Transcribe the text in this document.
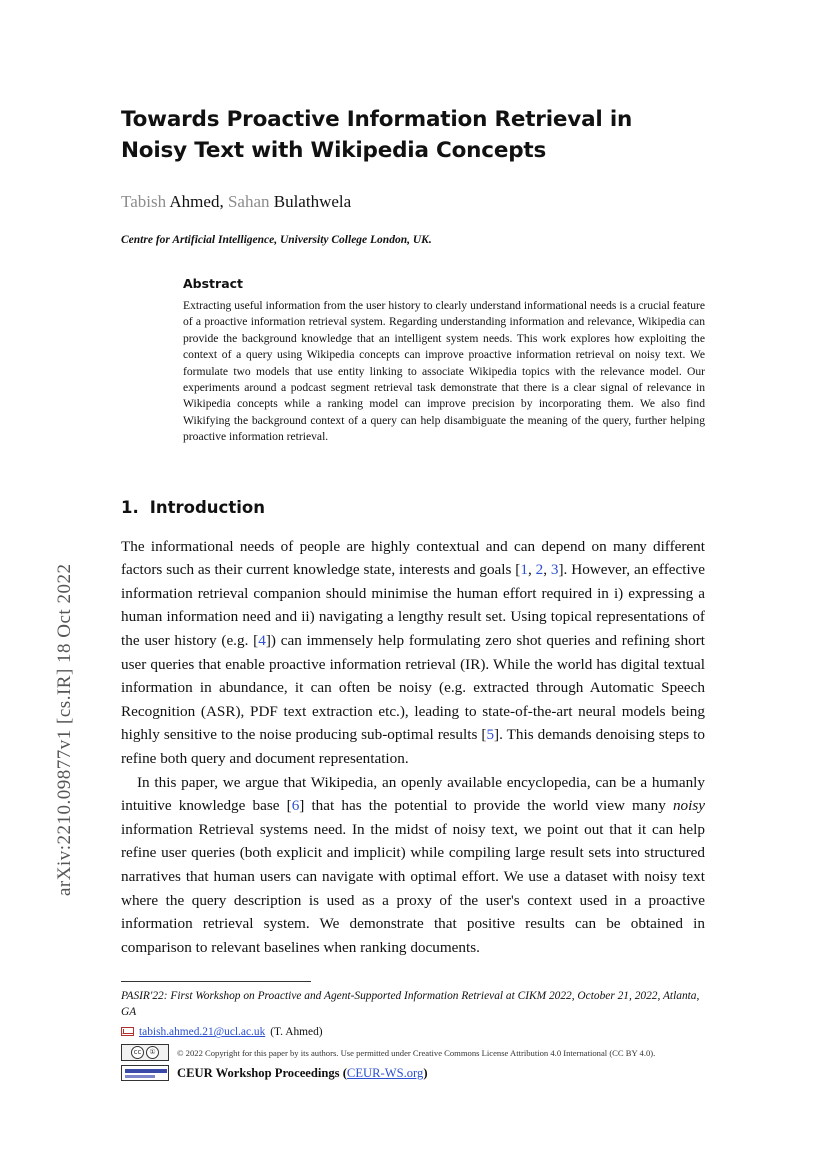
arXiv:2210.09877v1 [cs.IR] 18 Oct 2022
Towards Proactive Information Retrieval in Noisy Text with Wikipedia Concepts
Tabish Ahmed, Sahan Bulathwela
Centre for Artificial Intelligence, University College London, UK.
Abstract
Extracting useful information from the user history to clearly understand informational needs is a crucial feature of a proactive information retrieval system. Regarding understanding information and relevance, Wikipedia can provide the background knowledge that an intelligent system needs. This work explores how exploiting the context of a query using Wikipedia concepts can improve proactive information retrieval on noisy text. We formulate two models that use entity linking to associate Wikipedia topics with the relevance model. Our experiments around a podcast segment retrieval task demonstrate that there is a clear signal of relevance in Wikipedia concepts while a ranking model can improve precision by incorporating them. We also find Wikifying the background context of a query can help disambiguate the meaning of the query, further helping proactive information retrieval.
1. Introduction

The informational needs of people are highly contextual and can depend on many different factors such as their current knowledge state, interests and goals [1, 2, 3]. However, an effective information retrieval companion should minimise the human effort required in i) expressing a human information need and ii) navigating a lengthy result set. Using topical representations of the user history (e.g. [4]) can immensely help formulating zero shot queries and refining short user queries that enable proactive information retrieval (IR). While the world has digital textual information in abundance, it can often be noisy (e.g. extracted through Automatic Speech Recognition (ASR), PDF text extraction etc.), leading to state-of-the-art neural models being highly sensitive to the noise producing sub-optimal results [5]. This demands denoising steps to refine both query and document representation.

In this paper, we argue that Wikipedia, an openly available encyclopedia, can be a humanly intuitive knowledge base [6] that has the potential to provide the world view many noisy information Retrieval systems need. In the midst of noisy text, we point out that it can help refine user queries (both explicit and implicit) while compiling large result sets into structured narratives that human users can navigate with optimal effort. We use a dataset with noisy text where the query description is used as a proxy of the user's context used in a proactive information retrieval system. We demonstrate that positive results can be obtained in comparison to relevant baselines when ranking documents.

PASIR'22: First Workshop on Proactive and Agent-Supported Information Retrieval at CIKM 2022, October 21, 2022, Atlanta, GA
tabish.ahmed.21@ucl.ac.uk (T. Ahmed)
cc	①	© 2022 Copyright for this paper by its authors. Use permitted under Creative Commons License Attribution 4.0 International (CC BY 4.0).
CEUR Workshop Proceedings (CEUR-WS.org)
